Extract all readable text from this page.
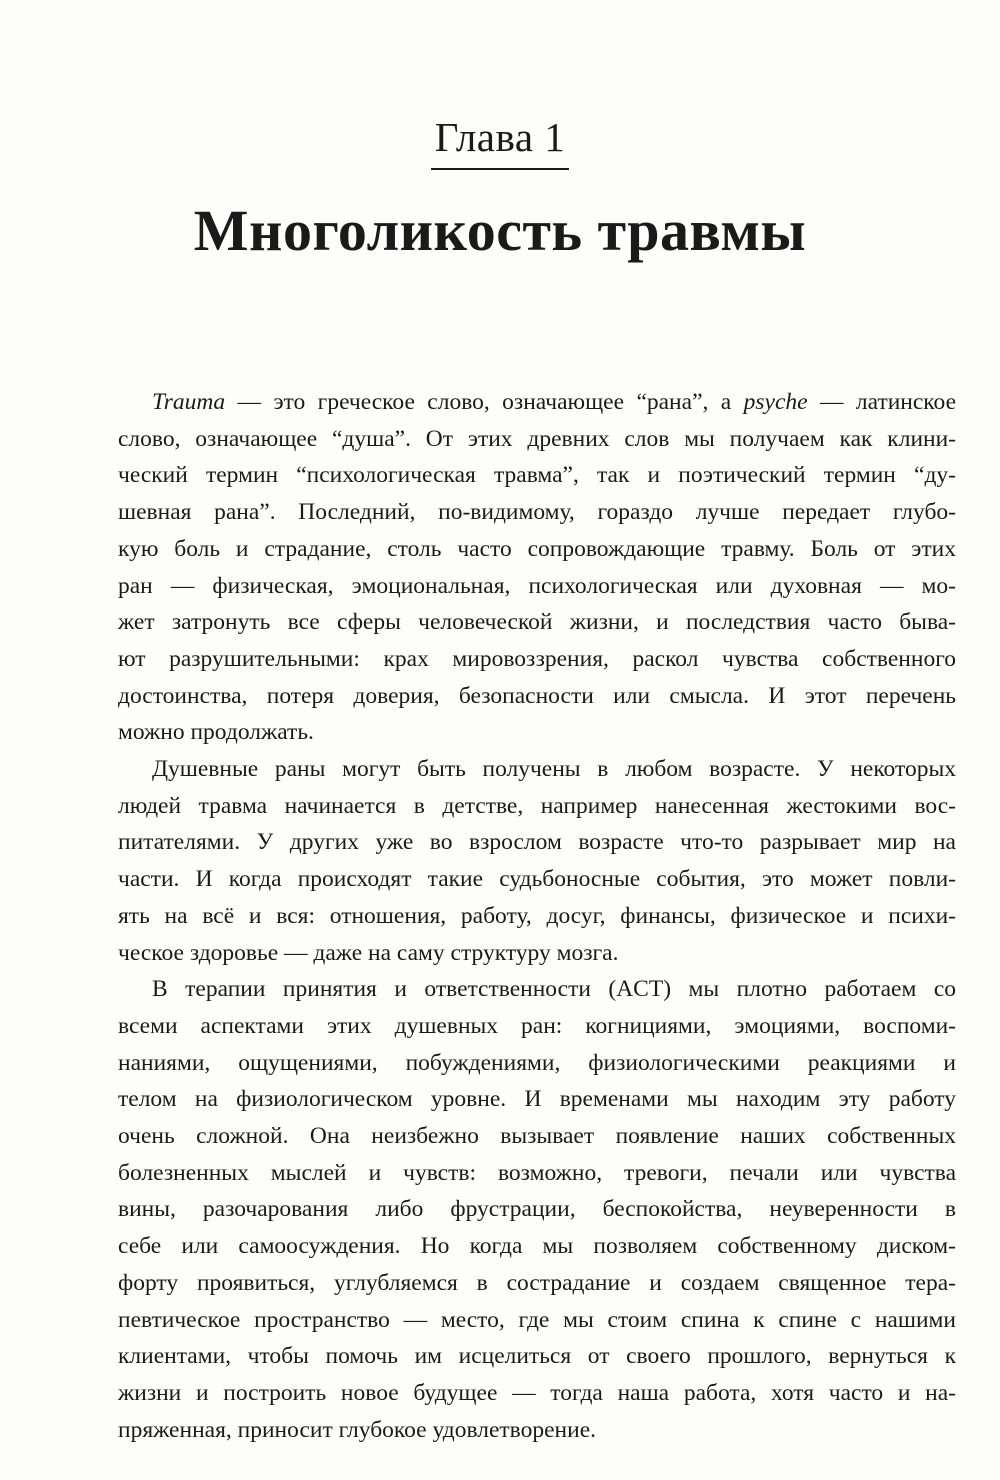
Глава 1
Многоликость травмы
Trauma — это греческое слово, означающее “рана”, а psyche — латинское
слово, означающее “душа”. От этих древних слов мы получаем как клини-
ческий термин “психологическая травма”, так и поэтический термин “ду-
шевная рана”. Последний, по-видимому, гораздо лучше передает глубо-
кую боль и страдание, столь часто сопровождающие травму. Боль от этих
ран — физическая, эмоциональная, психологическая или духовная — мо-
жет затронуть все сферы человеческой жизни, и последствия часто быва-
ют разрушительными: крах мировоззрения, раскол чувства собственного
достоинства, потеря доверия, безопасности или смысла. И этот перечень
можно продолжать.
Душевные раны могут быть получены в любом возрасте. У некоторых
людей травма начинается в детстве, например нанесенная жестокими вос-
питателями. У других уже во взрослом возрасте что-то разрывает мир на
части. И когда происходят такие судьбоносные события, это может повли-
ять на всё и вся: отношения, работу, досуг, финансы, физическое и психи-
ческое здоровье — даже на саму структуру мозга.
В терапии принятия и ответственности (ACT) мы плотно работаем со
всеми аспектами этих душевных ран: когнициями, эмоциями, воспоми-
наниями, ощущениями, побуждениями, физиологическими реакциями и
телом на физиологическом уровне. И временами мы находим эту работу
очень сложной. Она неизбежно вызывает появление наших собственных
болезненных мыслей и чувств: возможно, тревоги, печали или чувства
вины, разочарования либо фрустрации, беспокойства, неуверенности в
себе или самоосуждения. Но когда мы позволяем собственному диском-
форту проявиться, углубляемся в сострадание и создаем священное тера-
певтическое пространство — место, где мы стоим спина к спине с нашими
клиентами, чтобы помочь им исцелиться от своего прошлого, вернуться к
жизни и построить новое будущее — тогда наша работа, хотя часто и на-
пряженная, приносит глубокое удовлетворение.
